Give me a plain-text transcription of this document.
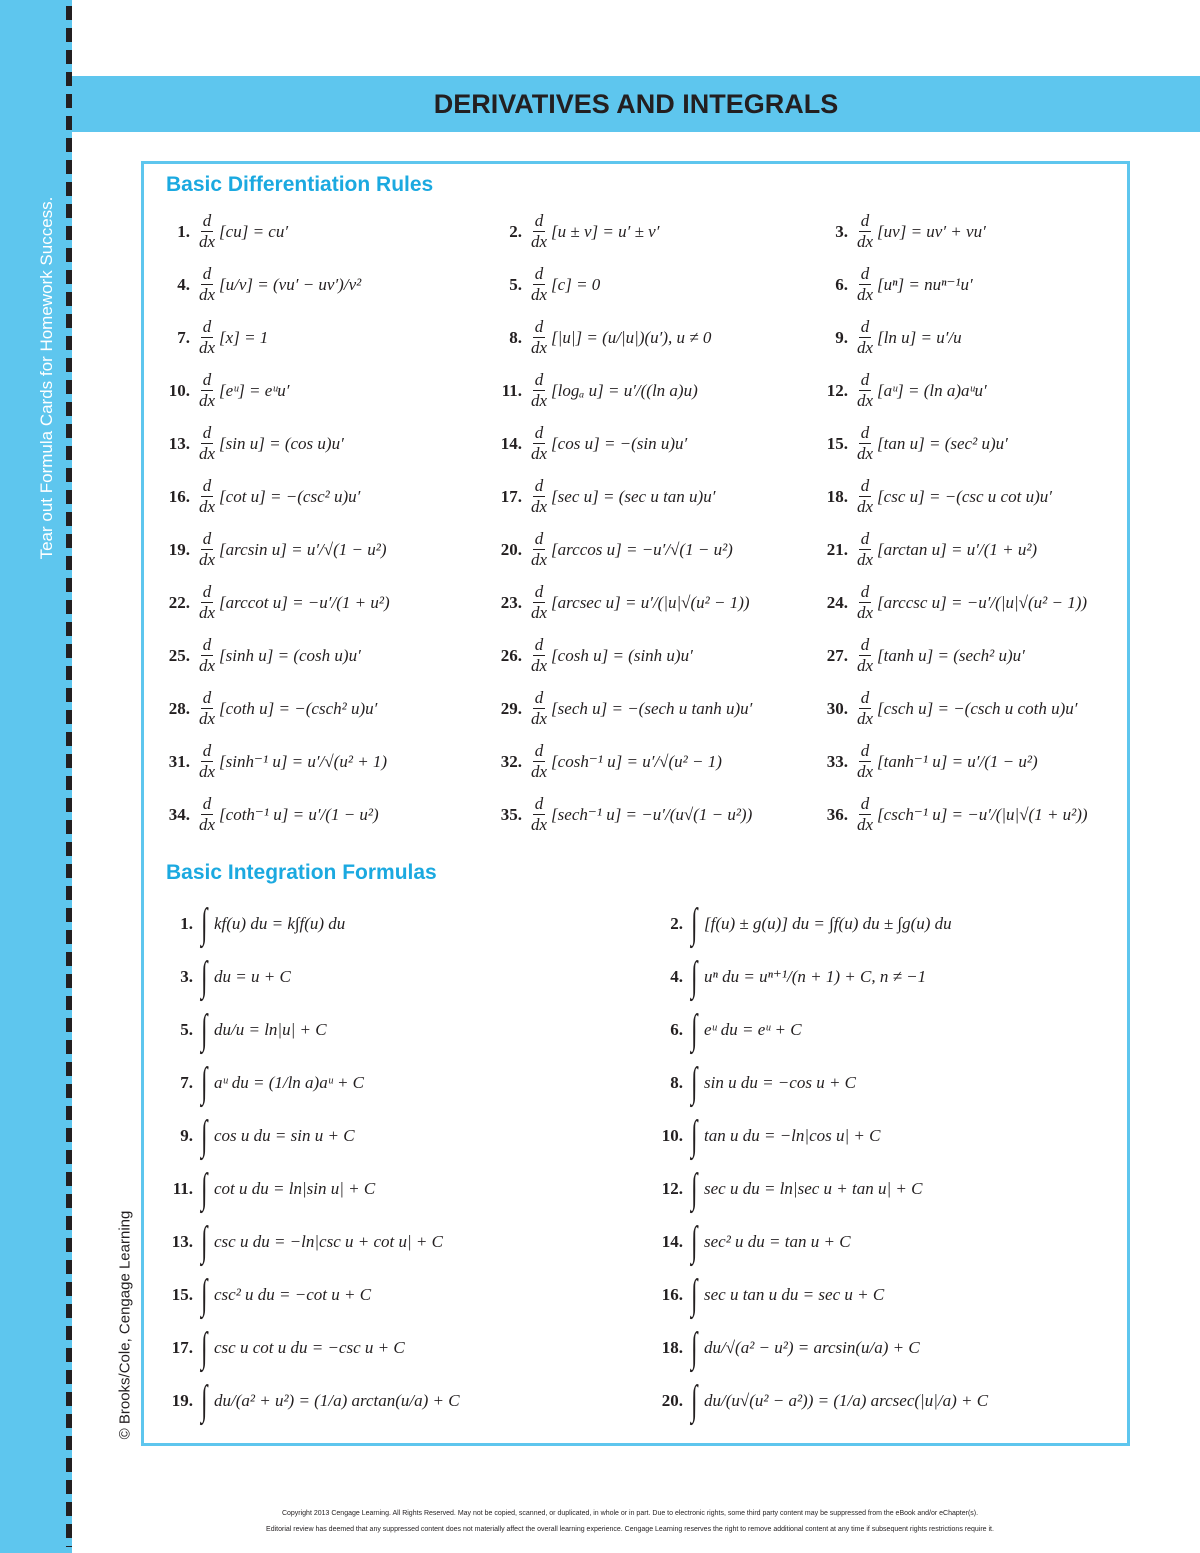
Tear out Formula Cards for Homework Success.
© Brooks/Cole, Cengage Learning
DERIVATIVES AND INTEGRALS
Basic Differentiation Rules
1. $\frac{d}{dx} [cu] = cu'$	2. $\frac{d}{dx} [u \pm v] = u' \pm v'$	3. $\frac{d}{dx} [uv] = uv' + vu'$
4. $\frac{d}{dx} [u/v] = (vu' - uv')/v^2$	5. $\frac{d}{dx} [c] = 0$	6. $\frac{d}{dx} [u^n] = nu^{n-1}u'$
7. $\frac{d}{dx} [x] = 1$	8. $\frac{d}{dx} [|u|] = (u/|u|)(u')$, u ≠ 0	9. $\frac{d}{dx} [\ln$ u] = u′/u
10. $\frac{d}{dx}$ [eᵘ] = eᵘu′	11. $\frac{d}{dx} [\log_a$ u] = u′/((ln a)u)	12. $\frac{d}{dx}$ [aᵘ] = (ln a)aᵘu′
13. $\frac{d}{dx} [\sin$ u] = (cos u)u′	14. $\frac{d}{dx} [\cos$ u] = −(sin u)u′	15. $\frac{d}{dx} [\tan$ u] = (sec² u)u′
16. $\frac{d}{dx} [\cot$ u] = −(csc² u)u′	17. $\frac{d}{dx} [\sec$ u] = (sec u tan u)u′	18. $\frac{d}{dx} [\csc$ u] = −(csc u cot u)u′
19. $\frac{d}{dx} [\arcsin$ u] = u′/√(1 − u²)	20. $\frac{d}{dx} [\arccos$ u] = −u′/√(1 − u²)	21. $\frac{d}{dx} [\arctan$ u] = u′/(1 + u²)
22. $\frac{d}{dx} [arccot$ u] = −u′/(1 + u²)	23. $\frac{d}{dx} [arcsec$ u] = u′/(|u|√(u² − 1))	24. $\frac{d}{dx} [arccsc$ u] = −u′/(|u|√(u² − 1))
25. $\frac{d}{dx} [\sinh$ u] = (cosh u)u′	26. $\frac{d}{dx} [\cosh$ u] = (sinh u)u′	27. $\frac{d}{dx} [\tanh$ u] = (sech² u)u′
28. $\frac{d}{dx} [\cot h$ u] = −(csch² u)u′	29. $\frac{d}{dx} [\sec h$ u] = −(sech u tanh u)u′	30. $\frac{d}{dx} [\csc h$ u] = −(csch u coth u)u′
31. $\frac{d}{dx} [\sinh^{-1}$ u] = u′/√(u² + 1)	32. $\frac{d}{dx} [\cosh^{-1}$ u] = u′/√(u² − 1)	33. $\frac{d}{dx} [\tanh^{-1}$ u] = u′/(1 − u²)
34. $\frac{d}{dx} [\cot h^{-1}$ u] = u′/(1 − u²)	35. $\frac{d}{dx} [\sec h^{-1}$ u] = −u′/(u√(1 − u²))	36. $\frac{d}{dx} [\csc h^{-1}$ u] = −u′/(|u|√(1 + u²))
Basic Integration Formulas
1. ∫ kf(u) du = k∫f(u) du	2. ∫ [f(u) ± g(u)] du = ∫f(u) du ± ∫g(u) du
3. ∫ du = u + C	4. ∫ uⁿ du = uⁿ⁺¹/(n + 1) + C, n ≠ −1
5. ∫ du/u = ln|u| + C	6. ∫ eᵘ du = eᵘ + C
7. ∫ aᵘ du = (1/ln a)aᵘ + C	8. ∫ sin u du = −cos u + C
9. ∫ cos u du = sin u + C	10. ∫ tan u du = −ln|cos u| + C
11. ∫ cot u du = ln|sin u| + C	12. ∫ sec u du = ln|sec u + tan u| + C
13. ∫ csc u du = −ln|csc u + cot u| + C	14. ∫ sec² u du = tan u + C
15. ∫ csc² u du = −cot u + C	16. ∫ sec u tan u du = sec u + C
17. ∫ csc u cot u du = −csc u + C	18. ∫ du/√(a² − u²) = arcsin(u/a) + C
19. ∫ du/(a² + u²) = (1/a) arctan(u/a) + C	20. ∫ du/(u√(u² − a²)) = (1/a) arcsec(|u|/a) + C
Copyright 2013 Cengage Learning. All Rights Reserved. May not be copied, scanned, or duplicated, in whole or in part. Due to electronic rights, some third party content may be suppressed from the eBook and/or eChapter(s).
Editorial review has deemed that any suppressed content does not materially affect the overall learning experience. Cengage Learning reserves the right to remove additional content at any time if subsequent rights restrictions require it.
